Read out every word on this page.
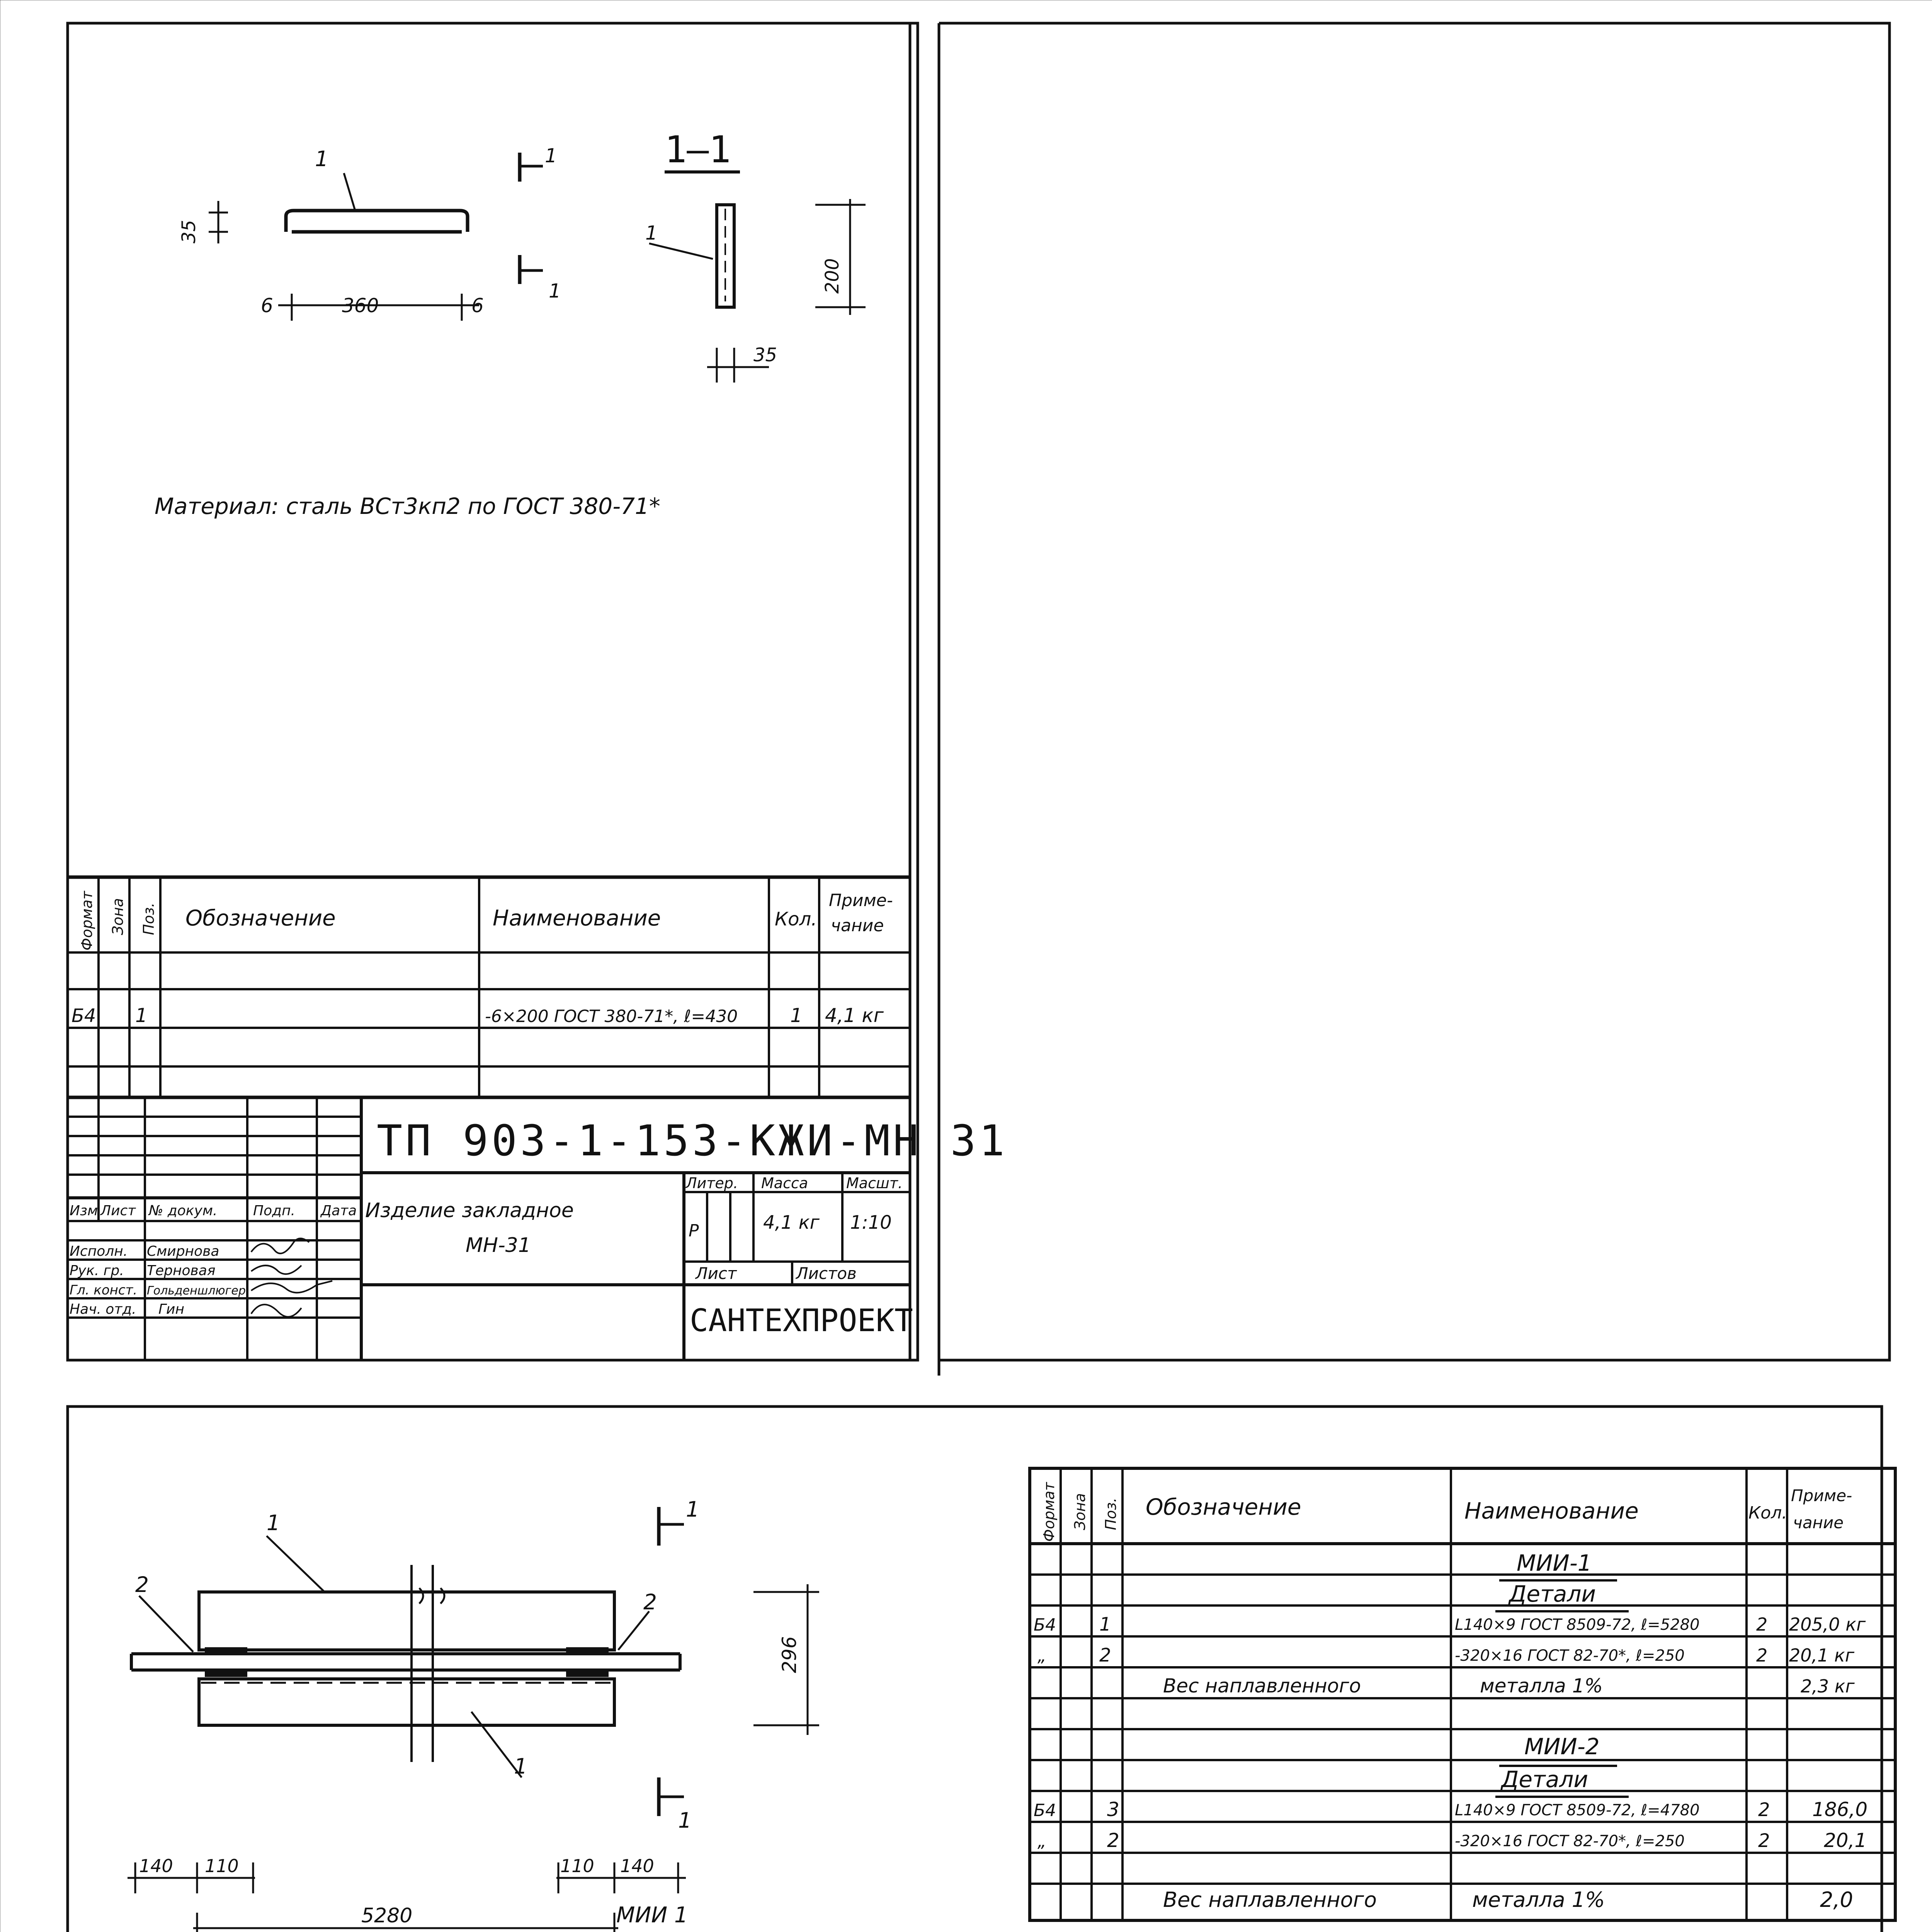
1
35
6	360	6
1
1
1–1
1
200
35
Материал: сталь ВСт3кп2 по ГОСТ 380-71*
Формат Зона Поз. Обозначение	Наименование	Кол.
Приме-
чание
Б4 1	-6×200 ГОСТ 380-71*, ℓ=430	1 4,1 кг
ТП 903-1-153-КЖИ-МН 31
Изделие закладное
МН-31
Литер. Масса	Масшт.
Р	4,1 кг 1:10
Лист	Листов
САНТЕХПРОЕКТ
Изм Лист № докум.	Подп. Дата
Исполн. Смирнова
Рук. гр. Терновая
Гл. конст. Гольденшлюгер
Нач. отд. Гин
1
2
2
1
1
1
296
140 110	110 140
5280	МИИ 1
Формат Зона Поз. Обозначение	Наименование	Кол.
Приме-
чание
МИИ-1
Детали
Б4 1	L140×9 ГОСТ 8509-72, ℓ=5280	2 205,0 кг
„	2	-320×16 ГОСТ 82-70*, ℓ=250	2 20,1 кг
Вес наплавленного	металла 1%	2,3 кг
МИИ-2
Детали
Б4	3	L140×9 ГОСТ 8509-72, ℓ=4780	2 186,0
„	2	-320×16 ГОСТ 82-70*, ℓ=250	2	20,1
Вес наплавленного	металла 1%	2,0
